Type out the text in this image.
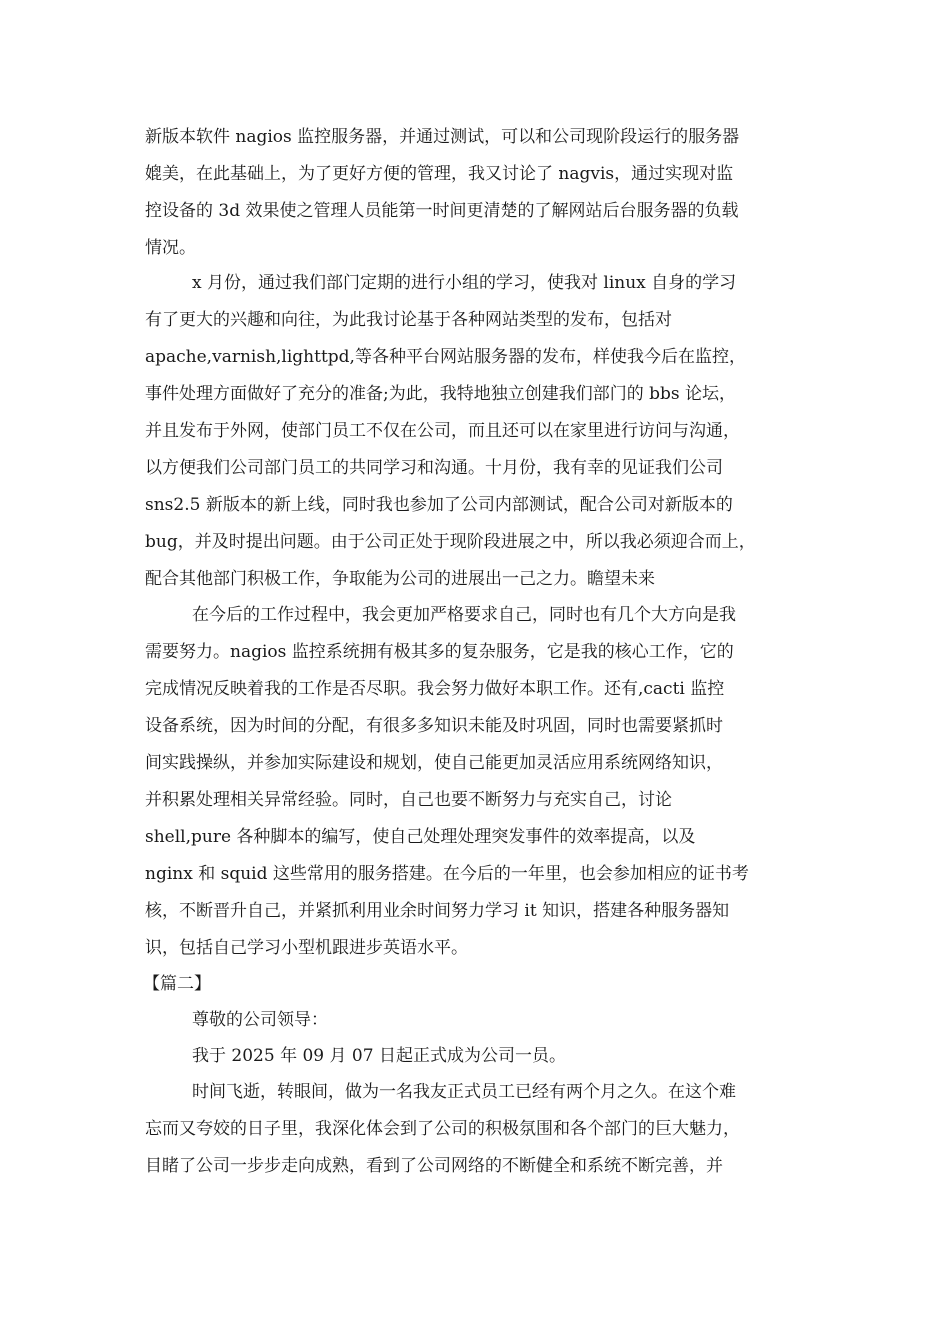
新版本软件 nagios 监控服务器，并通过测试，可以和公司现阶段运行的服务器
媲美，在此基础上，为了更好方便的管理，我又讨论了 nagvis，通过实现对监
控设备的 3d 效果使之管理人员能第一时间更清楚的了解网站后台服务器的负载
情况。
x 月份，通过我们部门定期的进行小组的学习，使我对 linux 自身的学习
有了更大的兴趣和向往，为此我讨论基于各种网站类型的发布，包括对
apache,varnish,lighttpd,等各种平台网站服务器的发布，样使我今后在监控，
事件处理方面做好了充分的准备;为此，我特地独立创建我们部门的 bbs 论坛，
并且发布于外网，使部门员工不仅在公司，而且还可以在家里进行访问与沟通，
以方便我们公司部门员工的共同学习和沟通。十月份，我有幸的见证我们公司
sns2.5 新版本的新上线，同时我也参加了公司内部测试，配合公司对新版本的
bug，并及时提出问题。由于公司正处于现阶段进展之中，所以我必须迎合而上，
配合其他部门积极工作，争取能为公司的进展出一己之力。瞻望未来
在今后的工作过程中，我会更加严格要求自己，同时也有几个大方向是我
需要努力。nagios 监控系统拥有极其多的复杂服务，它是我的核心工作，它的
完成情况反映着我的工作是否尽职。我会努力做好本职工作。还有,cacti 监控
设备系统，因为时间的分配，有很多多知识未能及时巩固，同时也需要紧抓时
间实践操纵，并参加实际建设和规划，使自己能更加灵活应用系统网络知识，
并积累处理相关异常经验。同时，自己也要不断努力与充实自己，讨论
shell,pure 各种脚本的编写，使自己处理处理突发事件的效率提高，以及
nginx 和 squid 这些常用的服务搭建。在今后的一年里，也会参加相应的证书考
核，不断晋升自己，并紧抓利用业余时间努力学习 it 知识，搭建各种服务器知
识，包括自己学习小型机跟进步英语水平。
【篇二】
尊敬的公司领导：
我于 2025 年 09 月 07 日起正式成为公司一员。
时间飞逝，转眼间，做为一名我友正式员工已经有两个月之久。在这个难
忘而又夸姣的日子里，我深化体会到了公司的积极氛围和各个部门的巨大魅力，
目睹了公司一步步走向成熟，看到了公司网络的不断健全和系统不断完善，并
